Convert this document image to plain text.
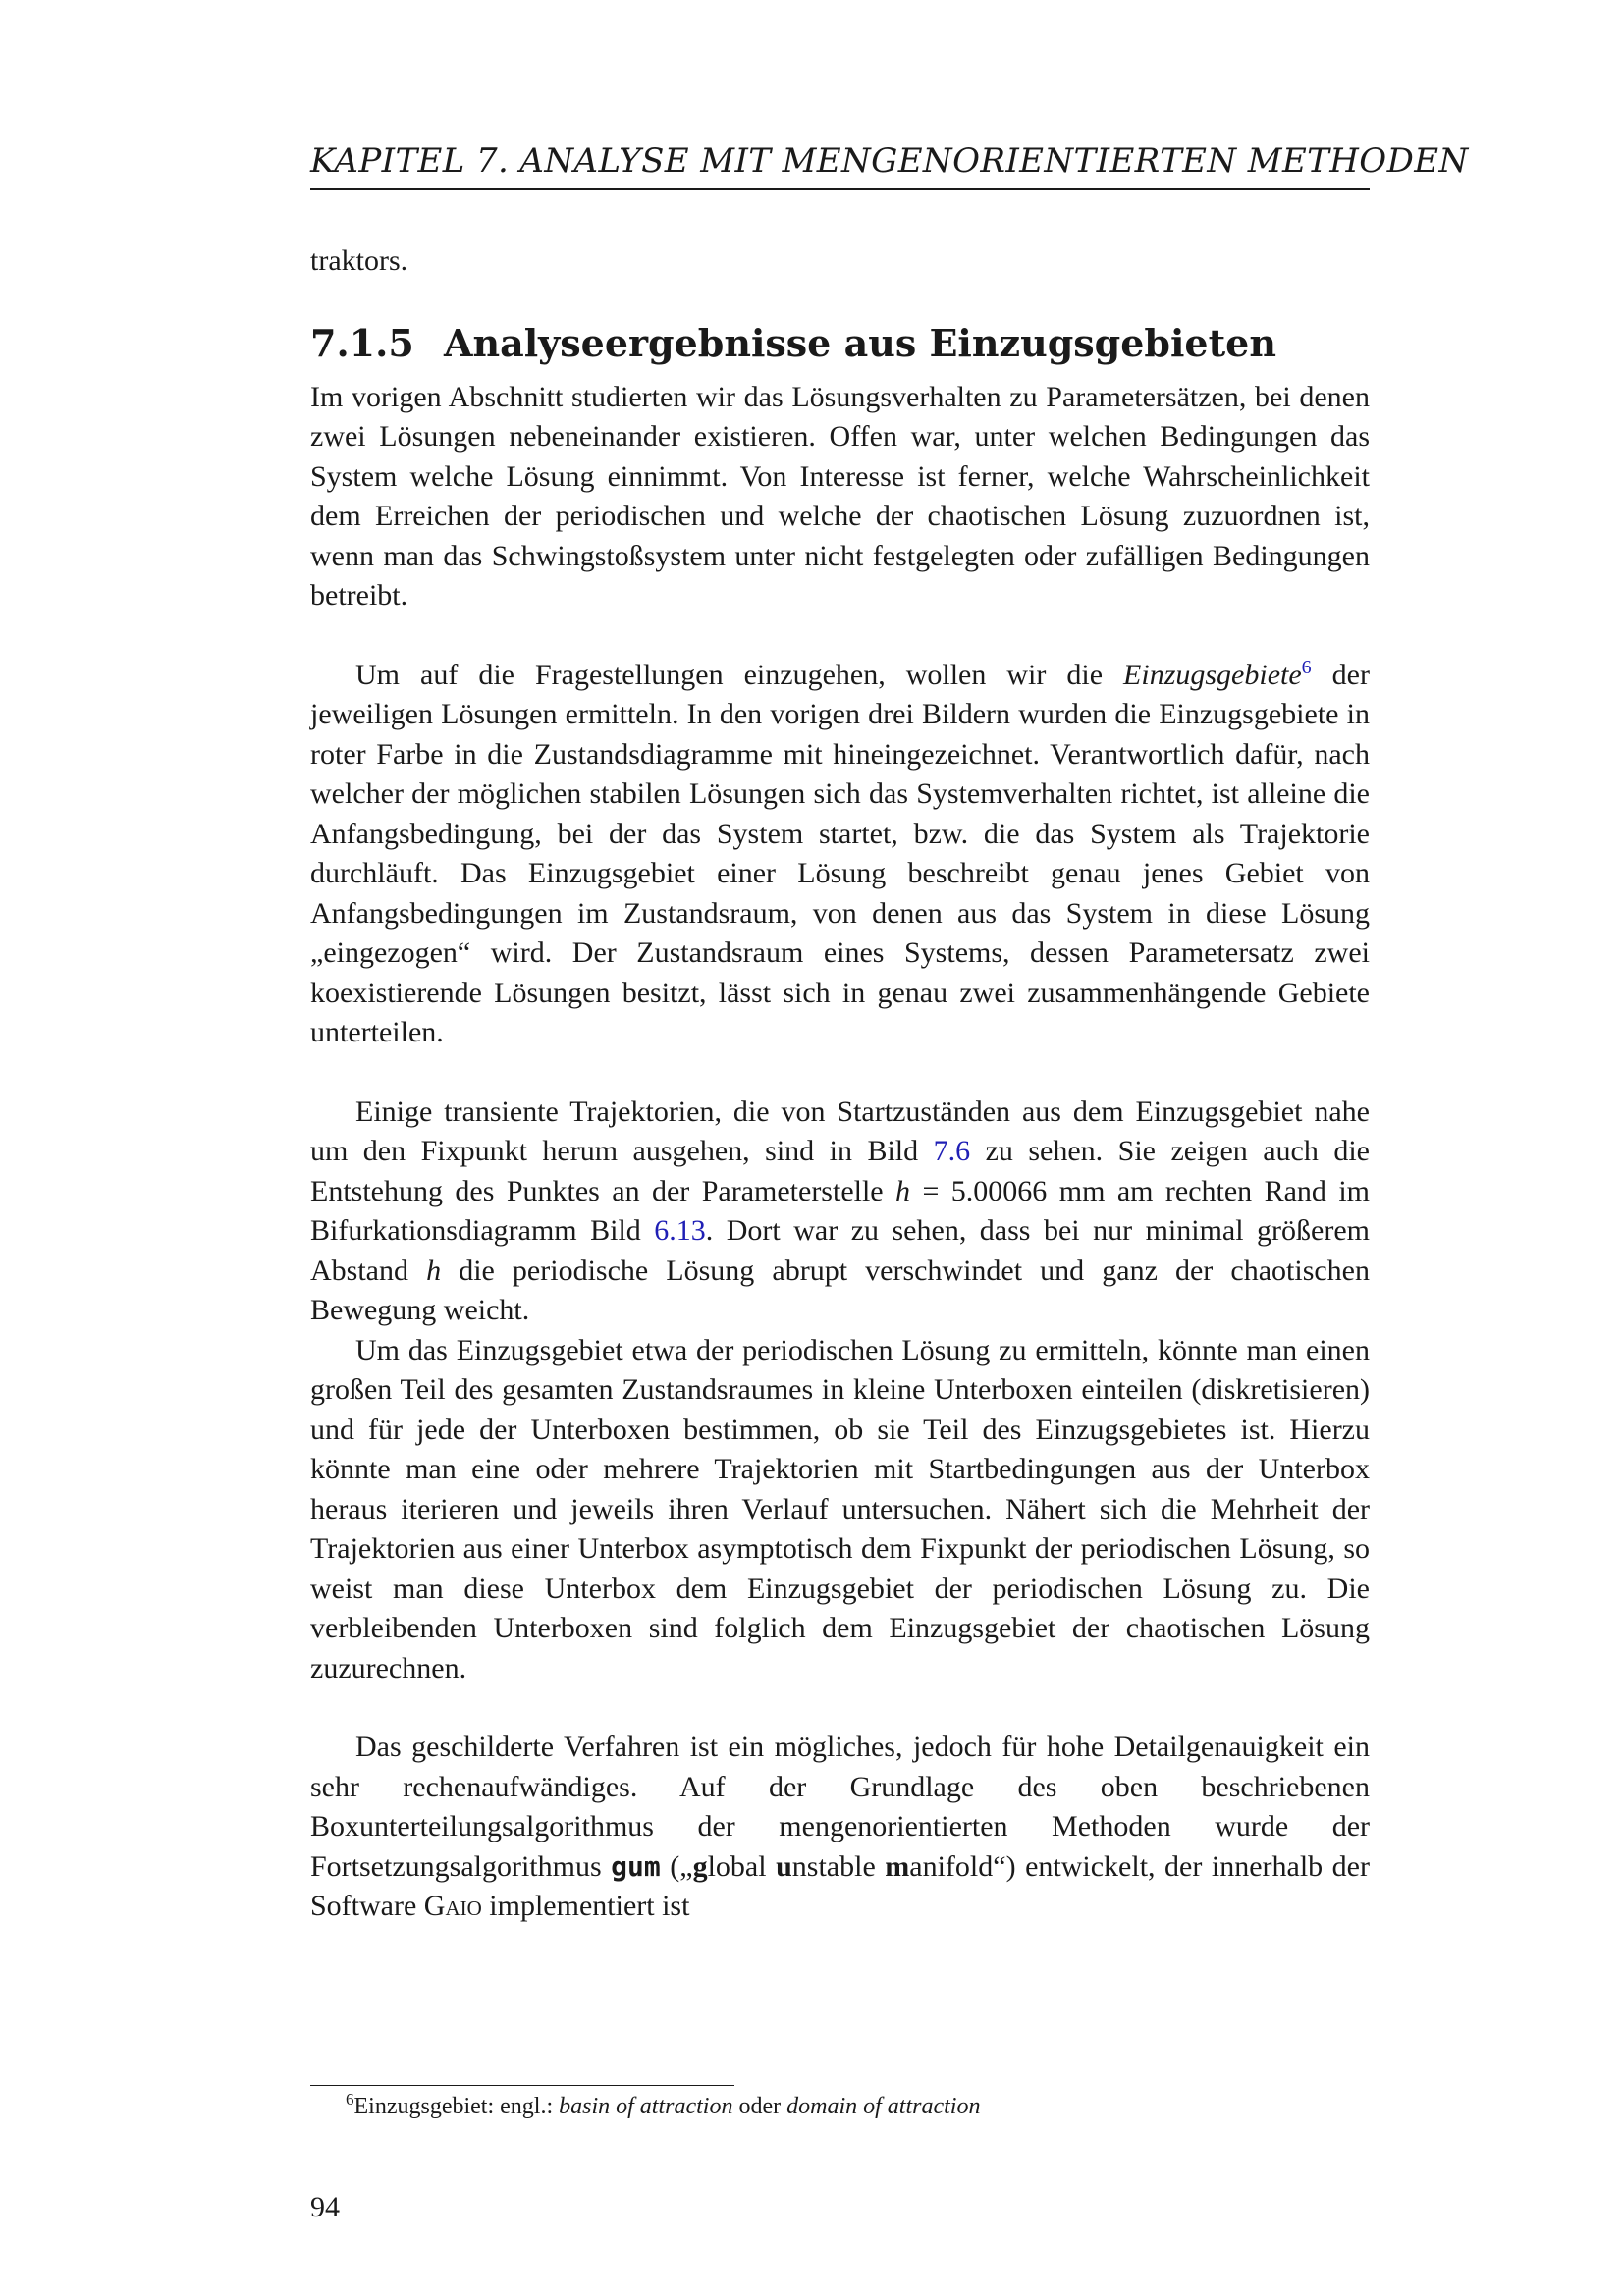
KAPITEL 7. ANALYSE MIT MENGENORIENTIERTEN METHODEN

traktors.

7.1.5 Analyseergebnisse aus Einzugsgebieten

Im vorigen Abschnitt studierten wir das Lösungsverhalten zu Parametersätzen, bei denen zwei Lösungen nebeneinander existieren. Offen war, unter welchen Bedingungen das System welche Lösung einnimmt. Von Interesse ist ferner, welche Wahrscheinlichkeit dem Erreichen der periodischen und welche der chaotischen Lösung zuzuordnen ist, wenn man das Schwingstoßsystem unter nicht festgelegten oder zufälligen Bedingungen betreibt.

Um auf die Fragestellungen einzugehen, wollen wir die Einzugsgebiete$^6$ der jeweiligen Lösungen ermitteln. In den vorigen drei Bildern wurden die Einzugsgebiete in roter Farbe in die Zustandsdiagramme mit hineingezeichnet. Verantwortlich dafür, nach welcher der möglichen stabilen Lösungen sich das Systemverhalten richtet, ist alleine die Anfangsbedingung, bei der das System startet, bzw. die das System als Trajektorie durchläuft. Das Einzugsgebiet einer Lösung beschreibt genau jenes Gebiet von Anfangsbedingungen im Zustandsraum, von denen aus das System in diese Lösung „eingezogen“ wird. Der Zustandsraum eines Systems, dessen Parametersatz zwei koexistierende Lösungen besitzt, lässt sich in genau zwei zusammenhängende Gebiete unterteilen.

Einige transiente Trajektorien, die von Startzuständen aus dem Einzugsgebiet nahe um den Fixpunkt herum ausgehen, sind in Bild 7.6 zu sehen. Sie zeigen auch die Entstehung des Punktes an der Parameterstelle h = 5.00066 mm am rechten Rand im Bifurkationsdiagramm Bild 6.13. Dort war zu sehen, dass bei nur minimal größerem Abstand h die periodische Lösung abrupt verschwindet und ganz der chaotischen Bewegung weicht.

Um das Einzugsgebiet etwa der periodischen Lösung zu ermitteln, könnte man einen großen Teil des gesamten Zustandsraumes in kleine Unterboxen einteilen (diskretisieren) und für jede der Unterboxen bestimmen, ob sie Teil des Einzugsgebietes ist. Hierzu könnte man eine oder mehrere Trajektorien mit Startbedingungen aus der Unterbox heraus iterieren und jeweils ihren Verlauf untersuchen. Nähert sich die Mehrheit der Trajektorien aus einer Unterbox asymptotisch dem Fixpunkt der periodischen Lösung, so weist man diese Unterbox dem Einzugsgebiet der periodischen Lösung zu. Die verbleibenden Unterboxen sind folglich dem Einzugsgebiet der chaotischen Lösung zuzurechnen.

Das geschilderte Verfahren ist ein mögliches, jedoch für hohe Detailgenauigkeit ein sehr rechenaufwändiges. Auf der Grundlage des oben beschriebenen Boxunterteilungsalgorithmus der mengenorientierten Methoden wurde der Fortsetzungsalgorithmus gum („global unstable manifold“) entwickelt, der innerhalb der Software Gaio implementiert ist

$^6$Einzugsgebiet: engl.: basin of attraction oder domain of attraction
94
